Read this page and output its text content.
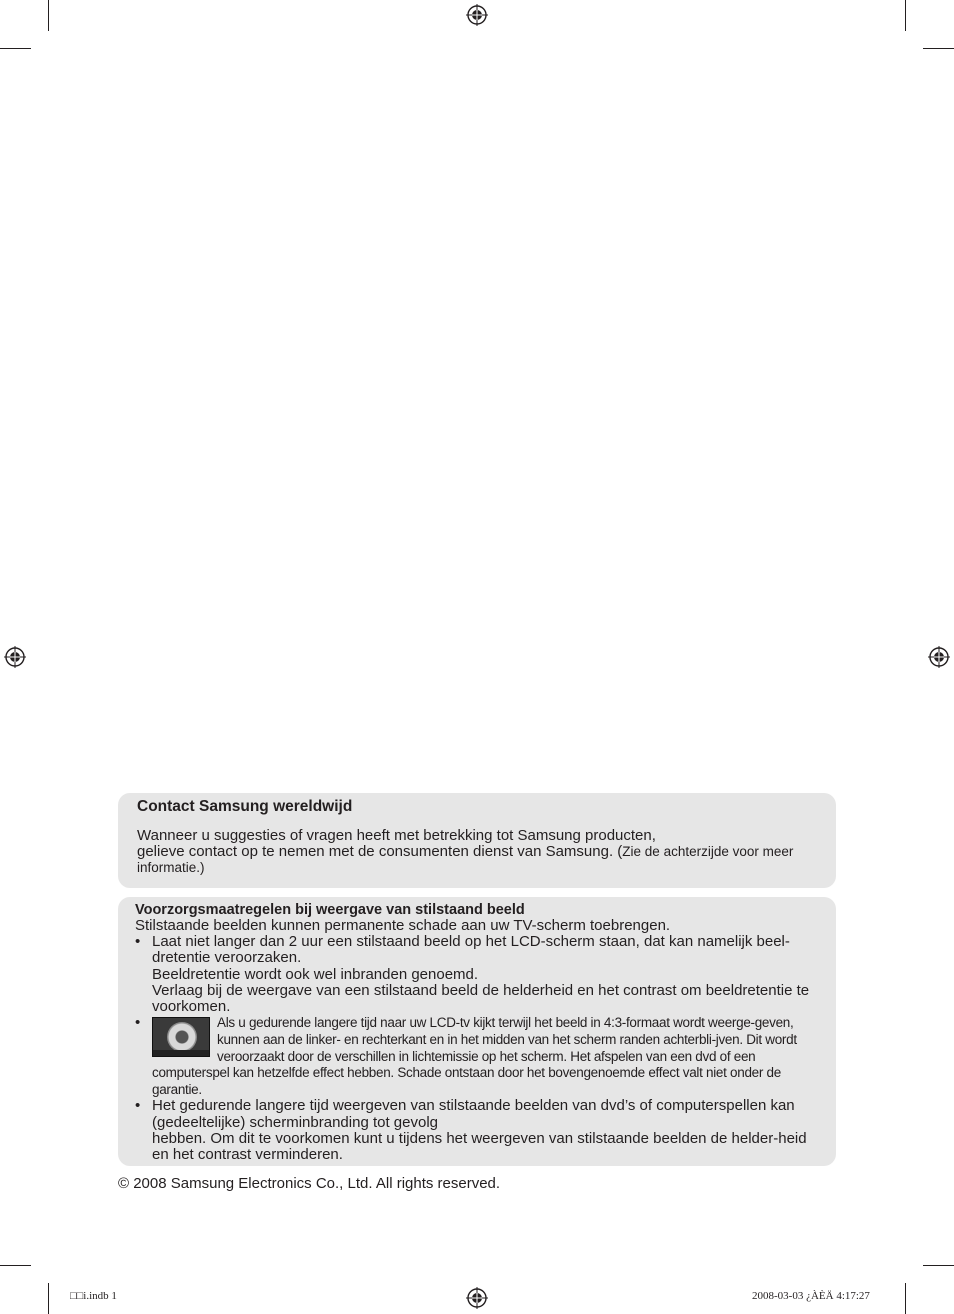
Contact Samsung wereldwijd

Wanneer u suggesties of vragen heeft met betrekking tot Samsung producten,
gelieve contact op te nemen met de consumenten dienst van Samsung. (Zie de achterzijde voor meer informatie.)

Voorzorgsmaatregelen bij weergave van stilstaand beeld
Stilstaande beelden kunnen permanente schade aan uw TV-scherm toebrengen.
• Laat niet langer dan 2 uur een stilstaand beeld op het LCD-scherm staan, dat kan namelijk beel-dretentie veroorzaken.

Beeldretentie wordt ook wel inbranden genoemd.

Verlaag bij de weergave van een stilstaand beeld de helderheid en het contrast om beeldretentie te voorkomen.

•	Als u gedurende langere tijd naar uw LCD-tv kijkt terwijl het beeld in 4:3-formaat wordt weerge-geven, kunnen aan de linker- en rechterkant en in het midden van het scherm randen achterbli-jven. Dit wordt veroorzaakt door de verschillen in lichtemissie op het scherm. Het afspelen van een dvd of een computerspel kan hetzelfde effect hebben. Schade ontstaan door het bovengenoemde effect valt niet onder de garantie.
• Het gedurende langere tijd weergeven van stilstaande beelden van dvd’s of computerspellen kan (gedeeltelijke) scherminbranding tot gevolg

hebben. Om dit te voorkomen kunt u tijdens het weergeven van stilstaande beelden de helder-heid en het contrast verminderen.

© 2008 Samsung Electronics Co., Ltd. All rights reserved.
□□i.indb 1	2008-03-03 ¿ÀÈÄ 4:17:27
